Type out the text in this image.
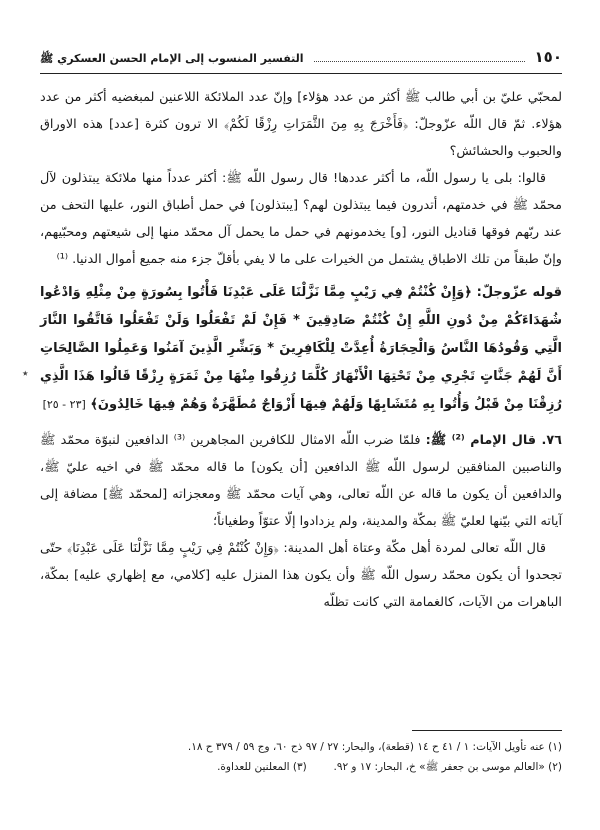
١٥٠
التفسير المنسوب إلى الإمام الحسن العسكري ﷺ

لمحبّي عليّ بن أبي طالب ﷺ أكثر من عدد هؤلاء] وإنّ عدد الملائكة اللاعنين لمبغضيه أكثر من عدد هؤلاء. ثمّ قال اللّه عزّوجلّ: ﴿فَأَخْرَجَ بِهِ مِنَ الثَّمَرَاتِ رِزْقًا لَكُمْ﴾ الا ترون كثرة [عدد] هذه الاوراق والحبوب والحشائش؟

قالوا: بلى يا رسول اللّه، ما أكثر عددها! قال رسول اللّه ﷺ: أكثر عدداً منها ملائكة يبتذلون لآل محمّد ﷺ في خدمتهم، أتدرون فيما يبتذلون لهم؟ [يبتذلون] في حمل أطباق النور، عليها التحف من عند ربّهم فوقها قناديل النور، [و] يخدمونهم في حمل ما يحمل آل محمّد منها إلى شيعتهم ومحبّيهم، وإنّ طبقاً من تلك الاطباق يشتمل من الخيرات على ما لا يفي بأقلّ جزء منه جميع أموال الدنيا. ⁽¹⁾

قوله عزّوجلّ: ﴿وَإِنْ كُنْتُمْ فِي رَيْبٍ مِمَّا نَزَّلْنَا عَلَى عَبْدِنَا فَأْتُوا بِسُورَةٍ مِنْ مِثْلِهِ وَادْعُوا شُهَدَاءَكُمْ مِنْ دُونِ اللَّهِ إِنْ كُنْتُمْ صَادِقِينَ * فَإِنْ لَمْ تَفْعَلُوا وَلَنْ تَفْعَلُوا فَاتَّقُوا النَّارَ الَّتِي وَقُودُهَا النَّاسُ وَالْحِجَارَةُ أُعِدَّتْ لِلْكَافِرِينَ * وَبَشِّرِ الَّذِينَ آمَنُوا وَعَمِلُوا الصَّالِحَاتِ أَنَّ لَهُمْ جَنَّاتٍ تَجْرِي مِنْ تَحْتِهَا الْأَنْهَارُ كُلَّمَا رُزِقُوا مِنْهَا مِنْ ثَمَرَةٍ رِزْقًا قَالُوا هَذَا الَّذِي رُزِقْنَا مِنْ قَبْلُ وَأُتُوا بِهِ مُتَشَابِهًا وَلَهُمْ فِيهَا أَزْوَاجٌ مُطَهَّرَةٌ وَهُمْ فِيهَا خَالِدُونَ﴾ [٢٣ - ٢٥]

٧٦. قال الإمام ⁽²⁾ ﷺ: فلمّا ضرب اللّه الامثال للكافرين المجاهرين ⁽³⁾ الدافعين لنبوّة محمّد ﷺ والناصبين المنافقين لرسول اللّه ﷺ الدافعين [أن يكون] ما قاله محمّد ﷺ في اخيه عليّ ﷺ، والدافعين أن يكون ما قاله عن اللّه تعالى، وهي آيات محمّد ﷺ ومعجزاته [لمحمّد ﷺ] مضافة إلى آياته التي بيّنها لعليّ ﷺ بمكّة والمدينة، ولم يزدادوا إلّا عتوّاً وطغياناً؛

قال اللّه تعالى لمردة أهل مكّة وعتاة أهل المدينة: ﴿وَإِنْ كُنْتُمْ فِي رَيْبٍ مِمَّا نَزَّلْنَا عَلَى عَبْدِنَا﴾ حتّى تجحدوا أن يكون محمّد رسول اللّه ﷺ وأن يكون هذا المنزل عليه [كلامي، مع إظهاري عليه] بمكّة، الباهرات من الآيات، كالغمامة التي كانت تظلّه

٭

(١) عنه تأويل الآيات: ١ / ٤١ ح ١٤ (قطعة)، والبحار: ٢٧ / ٩٧ ذح ٦٠، وج ٥٩ / ٣٧٩ ح ١٨.

(٢) «العالم موسى بن جعفر ﷺ» خ، البحار: ١٧ و ٩٢.        (٣) المعلنين للعداوة.
